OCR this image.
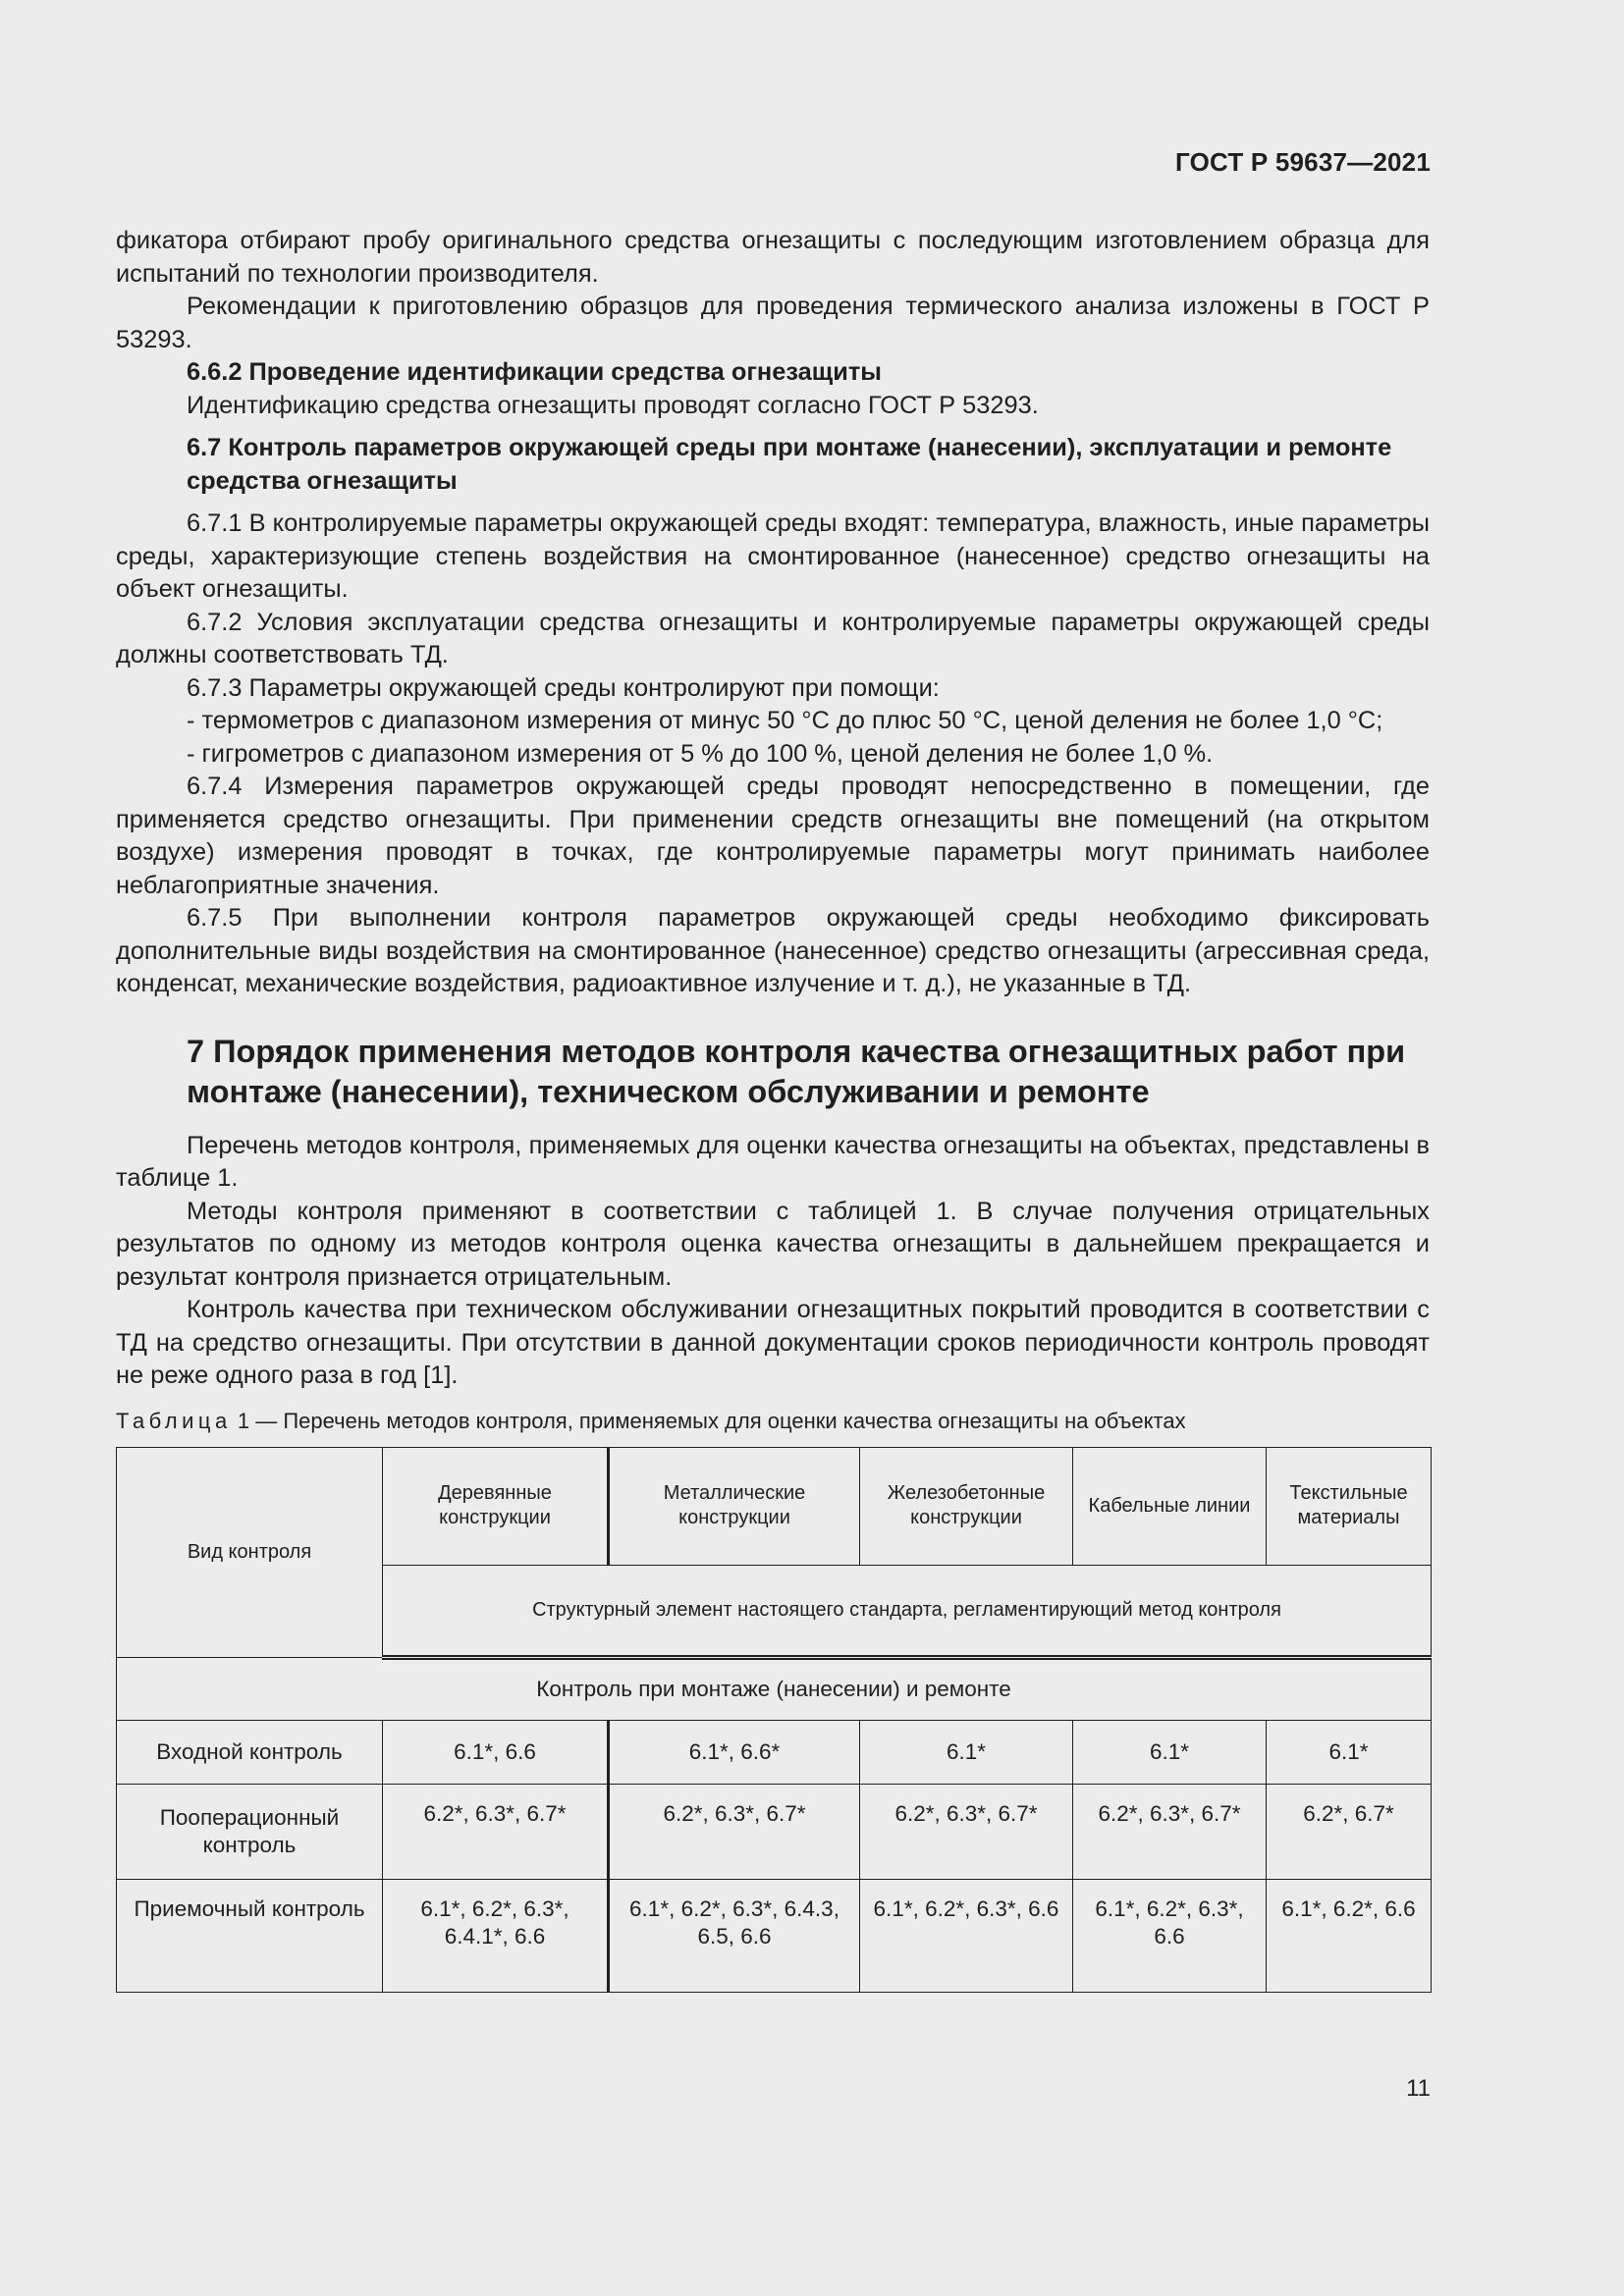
ГОСТ Р 59637—2021

фикатора отбирают пробу оригинального средства огнезащиты с последующим изготовлением образца для испытаний по технологии производителя.

Рекомендации к приготовлению образцов для проведения термического анализа изложены в ГОСТ Р 53293.

6.6.2 Проведение идентификации средства огнезащиты

Идентификацию средства огнезащиты проводят согласно ГОСТ Р 53293.

6.7 Контроль параметров окружающей среды при монтаже (нанесении), эксплуатации и ремонте средства огнезащиты

6.7.1 В контролируемые параметры окружающей среды входят: температура, влажность, иные параметры среды, характеризующие степень воздействия на смонтированное (нанесенное) средство огнезащиты на объект огнезащиты.

6.7.2 Условия эксплуатации средства огнезащиты и контролируемые параметры окружающей среды должны соответствовать ТД.

6.7.3 Параметры окружающей среды контролируют при помощи:

- термометров с диапазоном измерения от минус 50 °С до плюс 50 °С, ценой деления не более 1,0 °С;

- гигрометров с диапазоном измерения от 5 % до 100 %, ценой деления не более 1,0 %.

6.7.4 Измерения параметров окружающей среды проводят непосредственно в помещении, где применяется средство огнезащиты. При применении средств огнезащиты вне помещений (на открытом воздухе) измерения проводят в точках, где контролируемые параметры могут принимать наиболее неблагоприятные значения.

6.7.5 При выполнении контроля параметров окружающей среды необходимо фиксировать дополнительные виды воздействия на смонтированное (нанесенное) средство огнезащиты (агрессивная среда, конденсат, механические воздействия, радиоактивное излучение и т. д.), не указанные в ТД.

7 Порядок применения методов контроля качества огнезащитных работ при монтаже (нанесении), техническом обслуживании и ремонте

Перечень методов контроля, применяемых для оценки качества огнезащиты на объектах, представлены в таблице 1.

Методы контроля применяют в соответствии с таблицей 1. В случае получения отрицательных результатов по одному из методов контроля оценка качества огнезащиты в дальнейшем прекращается и результат контроля признается отрицательным.

Контроль качества при техническом обслуживании огнезащитных покрытий проводится в соответствии с ТД на средство огнезащиты. При отсутствии в данной документации сроков периодичности контроль проводят не реже одного раза в год [1].

Таблица 1 — Перечень методов контроля, применяемых для оценки качества огнезащиты на объектах
Вид контроля	Деревянные конструкции	Металлические конструкции	Железобетонные конструкции	Кабельные линии	Текстильные материалы
	Структурный элемент настоящего стандарта, регламентирующий метод контроля				
Контроль при монтаже (нанесении) и ремонте					
Входной контроль	6.1*, 6.6	6.1*, 6.6*	6.1*	6.1*	6.1*
Пооперационный контроль	6.2*, 6.3*, 6.7*	6.2*, 6.3*, 6.7*	6.2*, 6.3*, 6.7*	6.2*, 6.3*, 6.7*	6.2*, 6.7*
Приемочный контроль	6.1*, 6.2*, 6.3*, 6.4.1*, 6.6	6.1*, 6.2*, 6.3*, 6.4.3, 6.5, 6.6	6.1*, 6.2*, 6.3*, 6.6	6.1*, 6.2*, 6.3*, 6.6	6.1*, 6.2*, 6.6
11
